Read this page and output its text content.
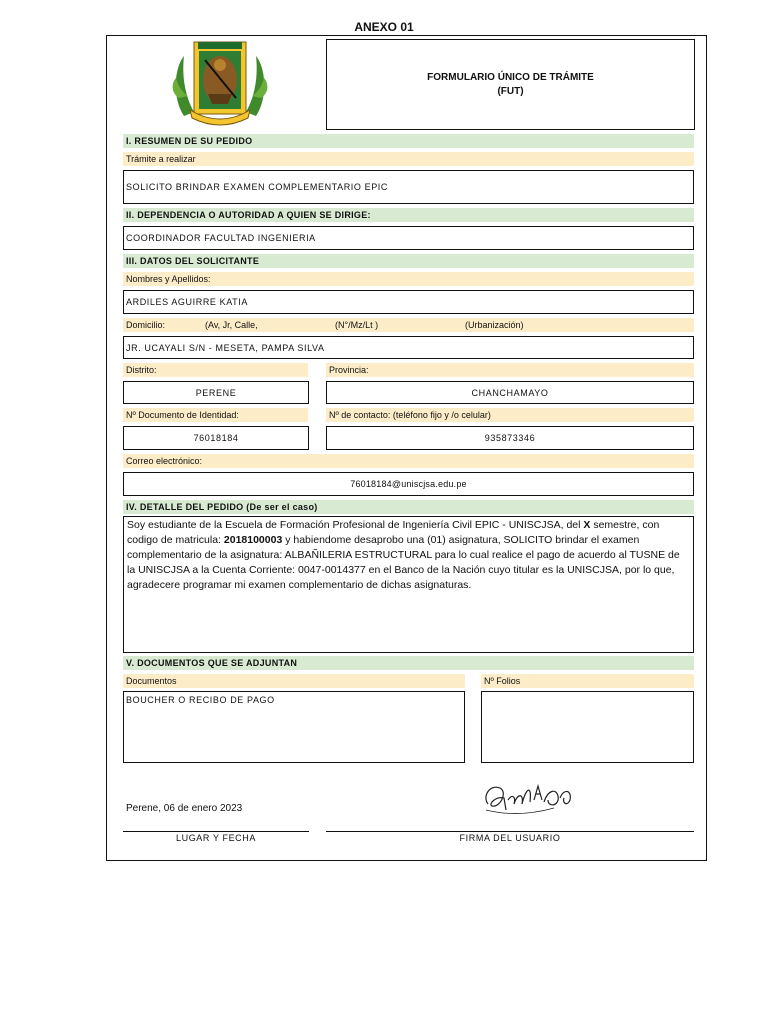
ANEXO 01
FORMULARIO ÚNICO DE TRÁMITE
(FUT)
I. RESUMEN DE SU PEDIDO
Trámite a realizar
SOLICITO BRINDAR EXAMEN COMPLEMENTARIO EPIC
II. DEPENDENCIA O AUTORIDAD A QUIEN SE DIRIGE:
COORDINADOR FACULTAD INGENIERIA
III. DATOS DEL SOLICITANTE
Nombres y Apellidos:
ARDILES AGUIRRE KATIA
Domicilio:	(Av, Jr, Calle,	(N°/Mz/Lt )	(Urbanización)
JR. UCAYALI S/N - MESETA, PAMPA SILVA
Distrito:	Provincia:
PERENE	CHANCHAMAYO
Nº Documento de Identidad:	Nº de contacto: (teléfono fijo y /o celular)
76018184	935873346
Correo electrónico:
76018184@uniscjsa.edu.pe
IV. DETALLE DEL PEDIDO (De ser el caso)
Soy estudiante de la Escuela de Formación Profesional de Ingeniería Civil EPIC - UNISCJSA, del X semestre, con codigo de matricula: 2018100003 y habiendome desaprobo una (01) asignatura, SOLICITO brindar el examen complementario de la asignatura: ALBAÑILERIA ESTRUCTURAL para lo cual realice el pago de acuerdo al TUSNE de la UNISCJSA a la Cuenta Corriente: 0047-0014377 en el Banco de la Nación cuyo titular es la UNISCJSA, por lo que, agradecere programar mi examen complementario de dichas asignaturas.
V. DOCUMENTOS QUE SE ADJUNTAN
Documentos	Nº Folios
BOUCHER O RECIBO DE PAGO
Perene, 06 de enero 2023
LUGAR Y FECHA	FIRMA DEL USUARIO
